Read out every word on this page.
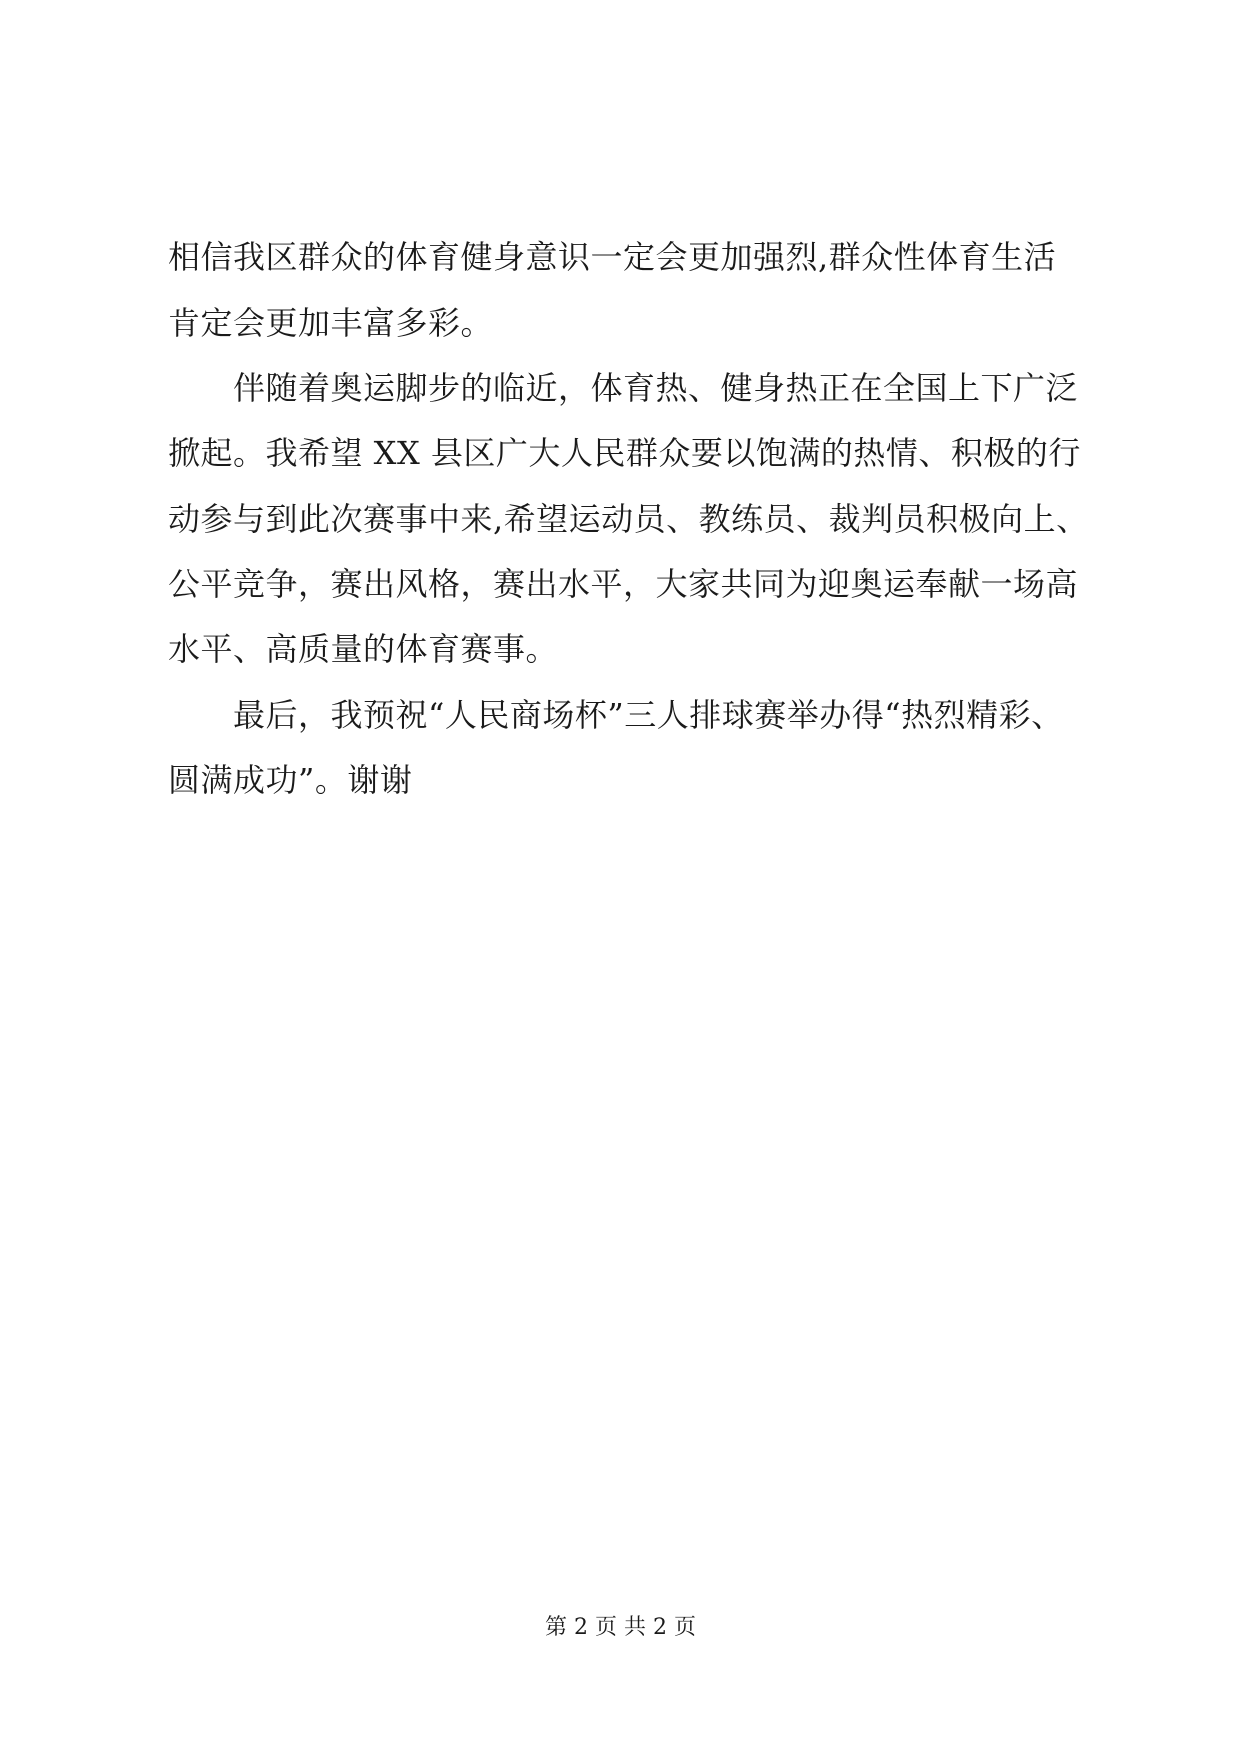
相信我区群众的体育健身意识一定会更加强烈,群众性体育生活
肯定会更加丰富多彩。
伴随着奥运脚步的临近，体育热、健身热正在全国上下广泛
掀起。我希望 XX 县区广大人民群众要以饱满的热情、积极的行
动参与到此次赛事中来,希望运动员、教练员、裁判员积极向上、
公平竞争，赛出风格，赛出水平，大家共同为迎奥运奉献一场高
水平、高质量的体育赛事。
最后，我预祝“人民商场杯”三人排球赛举办得“热烈精彩、
圆满成功”。谢谢
第 2 页 共 2 页
